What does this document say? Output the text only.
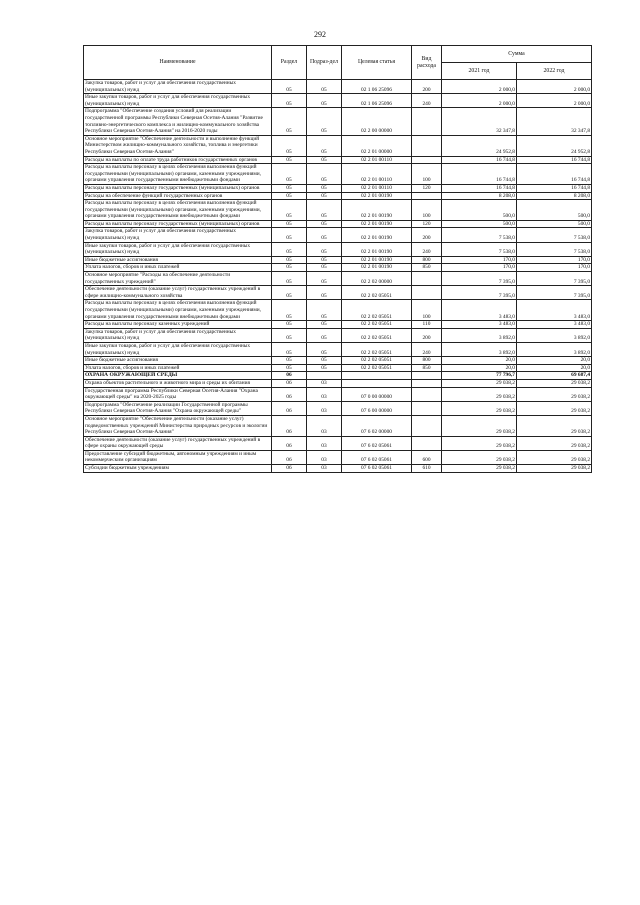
292
Наименование	Раздел	Подраз-дел	Целевая статья	Вид расхода	Сумма	
					2021 год	2022 год
Закупка товаров, работ и услуг для обеспечения государственных (муниципальных) нужд	05	05	02 1 06 25096	200	2 000,0	2 000,0
Иные закупки товаров, работ и услуг для обеспечения государственных (муниципальных) нужд	05	05	02 1 06 25096	240	2 000,0	2 000,0
Подпрограмма "Обеспечение создания условий для реализации государственной программы Республики Северная Осетия-Алания "Развитие топливно-энергетического комплекса и жилищно-коммунального хозяйства Республики Северная Осетия-Алания" на 2016-2020 годы	05	05	02 2 00 00000		32 347,8	32 347,8
Основное мероприятие "Обеспечение деятельности и выполнение функций Министерством жилищно-коммунального хозяйства, топлива и энергетики Республики Северная Осетия-Алания"	05	05	02 2 01 00000		24 952,8	24 952,8
Расходы на выплаты по оплате труда работников государственных органов	05	05	02 2 01 00110		16 744,8	16 744,8
Расходы на выплаты персоналу в целях обеспечения выполнения функций государственными (муниципальными) органами, казенными учреждениями, органами управления государственными внебюджетными фондами	05	05	02 2 01 00110	100	16 744,8	16 744,8
Расходы на выплаты персоналу государственных (муниципальных) органов	05	05	02 2 01 00110	120	16 744,8	16 744,8
Расходы на обеспечение функций государственных органов	05	05	02 2 01 00190		8 208,0	8 208,0
Расходы на выплаты персоналу в целях обеспечения выполнения функций государственными (муниципальными) органами, казенными учреждениями, органами управления государственными внебюджетными фондами	05	05	02 2 01 00190	100	500,0	500,0
Расходы на выплаты персоналу государственных (муниципальных) органов	05	05	02 2 01 00190	120	500,0	500,0
Закупка товаров, работ и услуг для обеспечения государственных (муниципальных) нужд	05	05	02 2 01 00190	200	7 538,0	7 538,0
Иные закупки товаров, работ и услуг для обеспечения государственных (муниципальных) нужд	05	05	02 2 01 00190	240	7 538,0	7 538,0
Иные бюджетные ассигнования	05	05	02 2 01 00190	800	170,0	170,0
Уплата налогов, сборов и иных платежей	05	05	02 2 01 00190	850	170,0	170,0
Основное мероприятие "Расходы на обеспечение деятельности государственных учреждений"	05	05	02 2 02 00000		7 395,0	7 395,0
Обеспечение деятельности (оказание услуг) государственных учреждений в сфере жилищно-коммунального хозяйства	05	05	02 2 02 05051		7 395,0	7 395,0
Расходы на выплаты персоналу в целях обеспечения выполнения функций государственными (муниципальными) органами, казенными учреждениями, органами управления государственными внебюджетными фондами	05	05	02 2 02 05051	100	3 483,0	3 483,0
Расходы на выплаты персоналу казенных учреждений	05	05	02 2 02 05051	110	3 483,0	3 483,0
Закупка товаров, работ и услуг для обеспечения государственных (муниципальных) нужд	05	05	02 2 02 05051	200	3 892,0	3 892,0
Иные закупки товаров, работ и услуг для обеспечения государственных (муниципальных) нужд	05	05	02 2 02 05051	240	3 892,0	3 892,0
Иные бюджетные ассигнования	05	05	02 2 02 05051	800	20,0	20,0
Уплата налогов, сборов и иных платежей	05	05	02 2 02 05051	850	20,0	20,0
ОХРАНА ОКРУЖАЮЩЕЙ СРЕДЫ	06				77 796,7	69 687,4
Охрана объектов растительного и животного мира и среды их обитания	06	03			29 038,2	29 038,2
Государственная программа Республики Северная Осетия-Алания "Охрана окружающей среды" на 2020-2025 годы	06	03	07 0 00 00000		29 038,2	29 038,2
Подпрограмма "Обеспечение реализации Государственной программы Республики Северная Осетия-Алания "Охрана окружающей среды"	06	03	07 6 00 00000		29 038,2	29 038,2
Основное мероприятие "Обеспечение деятельности (оказание услуг) подведомственных учреждений Министерства природных ресурсов и экологии Республики Северная Осетия-Алания"	06	03	07 6 02 00000		29 038,2	29 038,2
Обеспечение деятельности (оказание услуг) государственных учреждений в сфере охраны окружающей среды	06	03	07 6 02 05061		29 038,2	29 038,2
Предоставление субсидий бюджетным, автономным учреждениям и иным некоммерческим организациям	06	03	07 6 02 05061	600	29 038,2	29 038,2
Субсидии бюджетным учреждениям	06	03	07 6 02 05061	610	29 038,2	29 038,2
